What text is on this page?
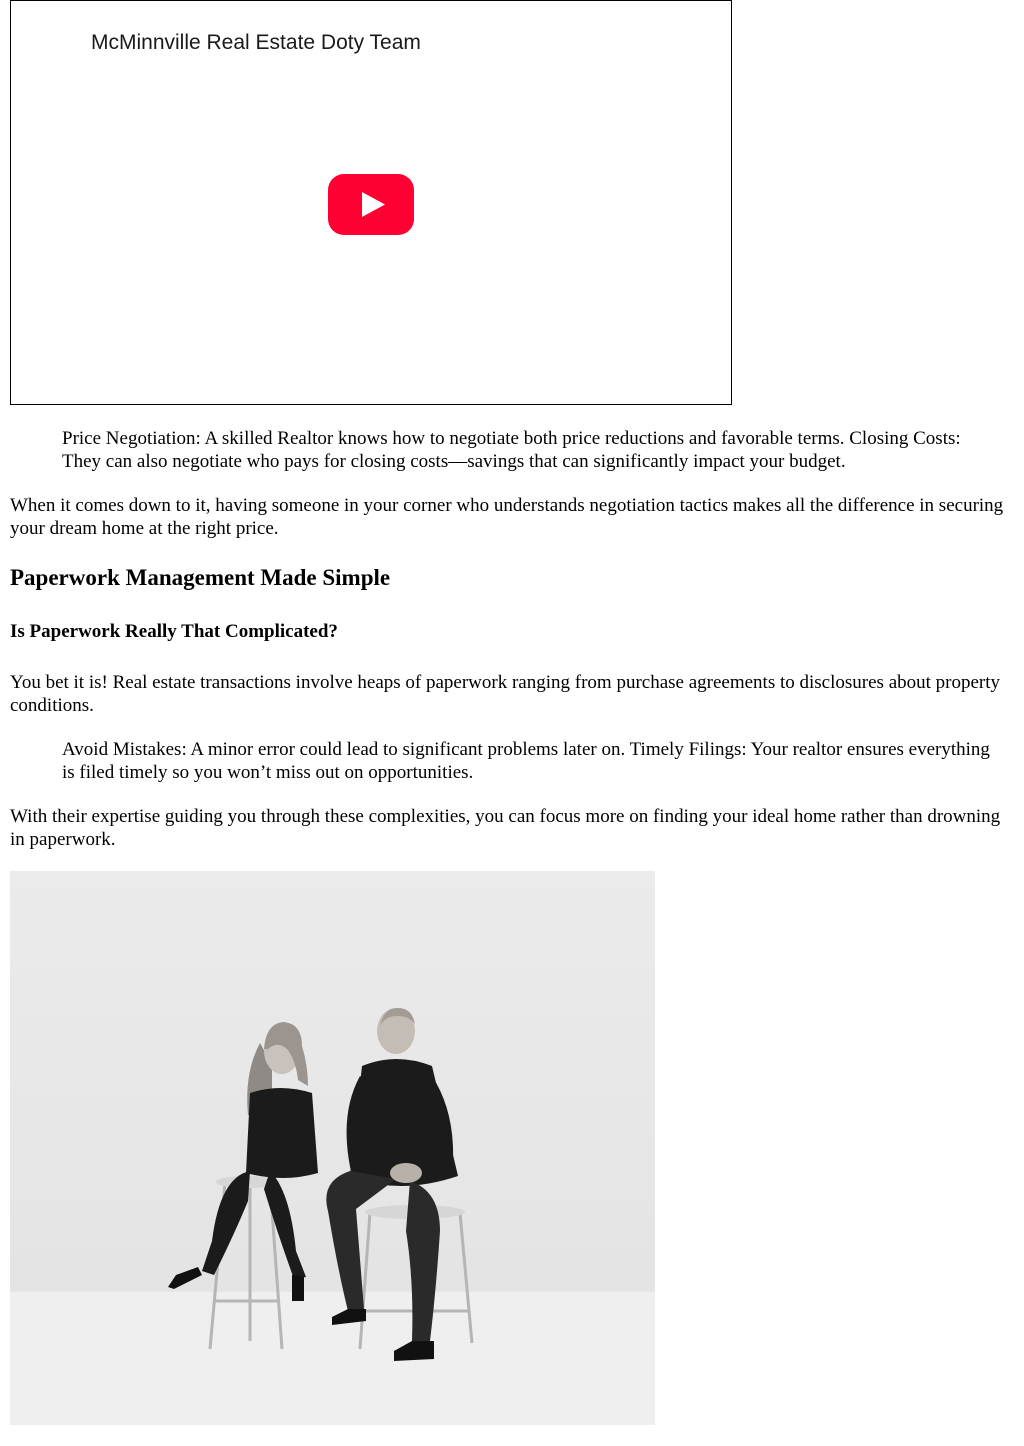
McMinnville Real Estate Doty Team
Price Negotiation: A skilled Realtor knows how to negotiate both price reductions and favorable terms. Closing Costs: They can also negotiate who pays for closing costs—savings that can significantly impact your budget.

When it comes down to it, having someone in your corner who understands negotiation tactics makes all the difference in securing your dream home at the right price.

Paperwork Management Made Simple
Is Paperwork Really That Complicated?

You bet it is! Real estate transactions involve heaps of paperwork ranging from purchase agreements to disclosures about property conditions.

Avoid Mistakes: A minor error could lead to significant problems later on. Timely Filings: Your realtor ensures everything is filed timely so you won’t miss out on opportunities.

With their expertise guiding you through these complexities, you can focus more on finding your ideal home rather than drowning in paperwork.
